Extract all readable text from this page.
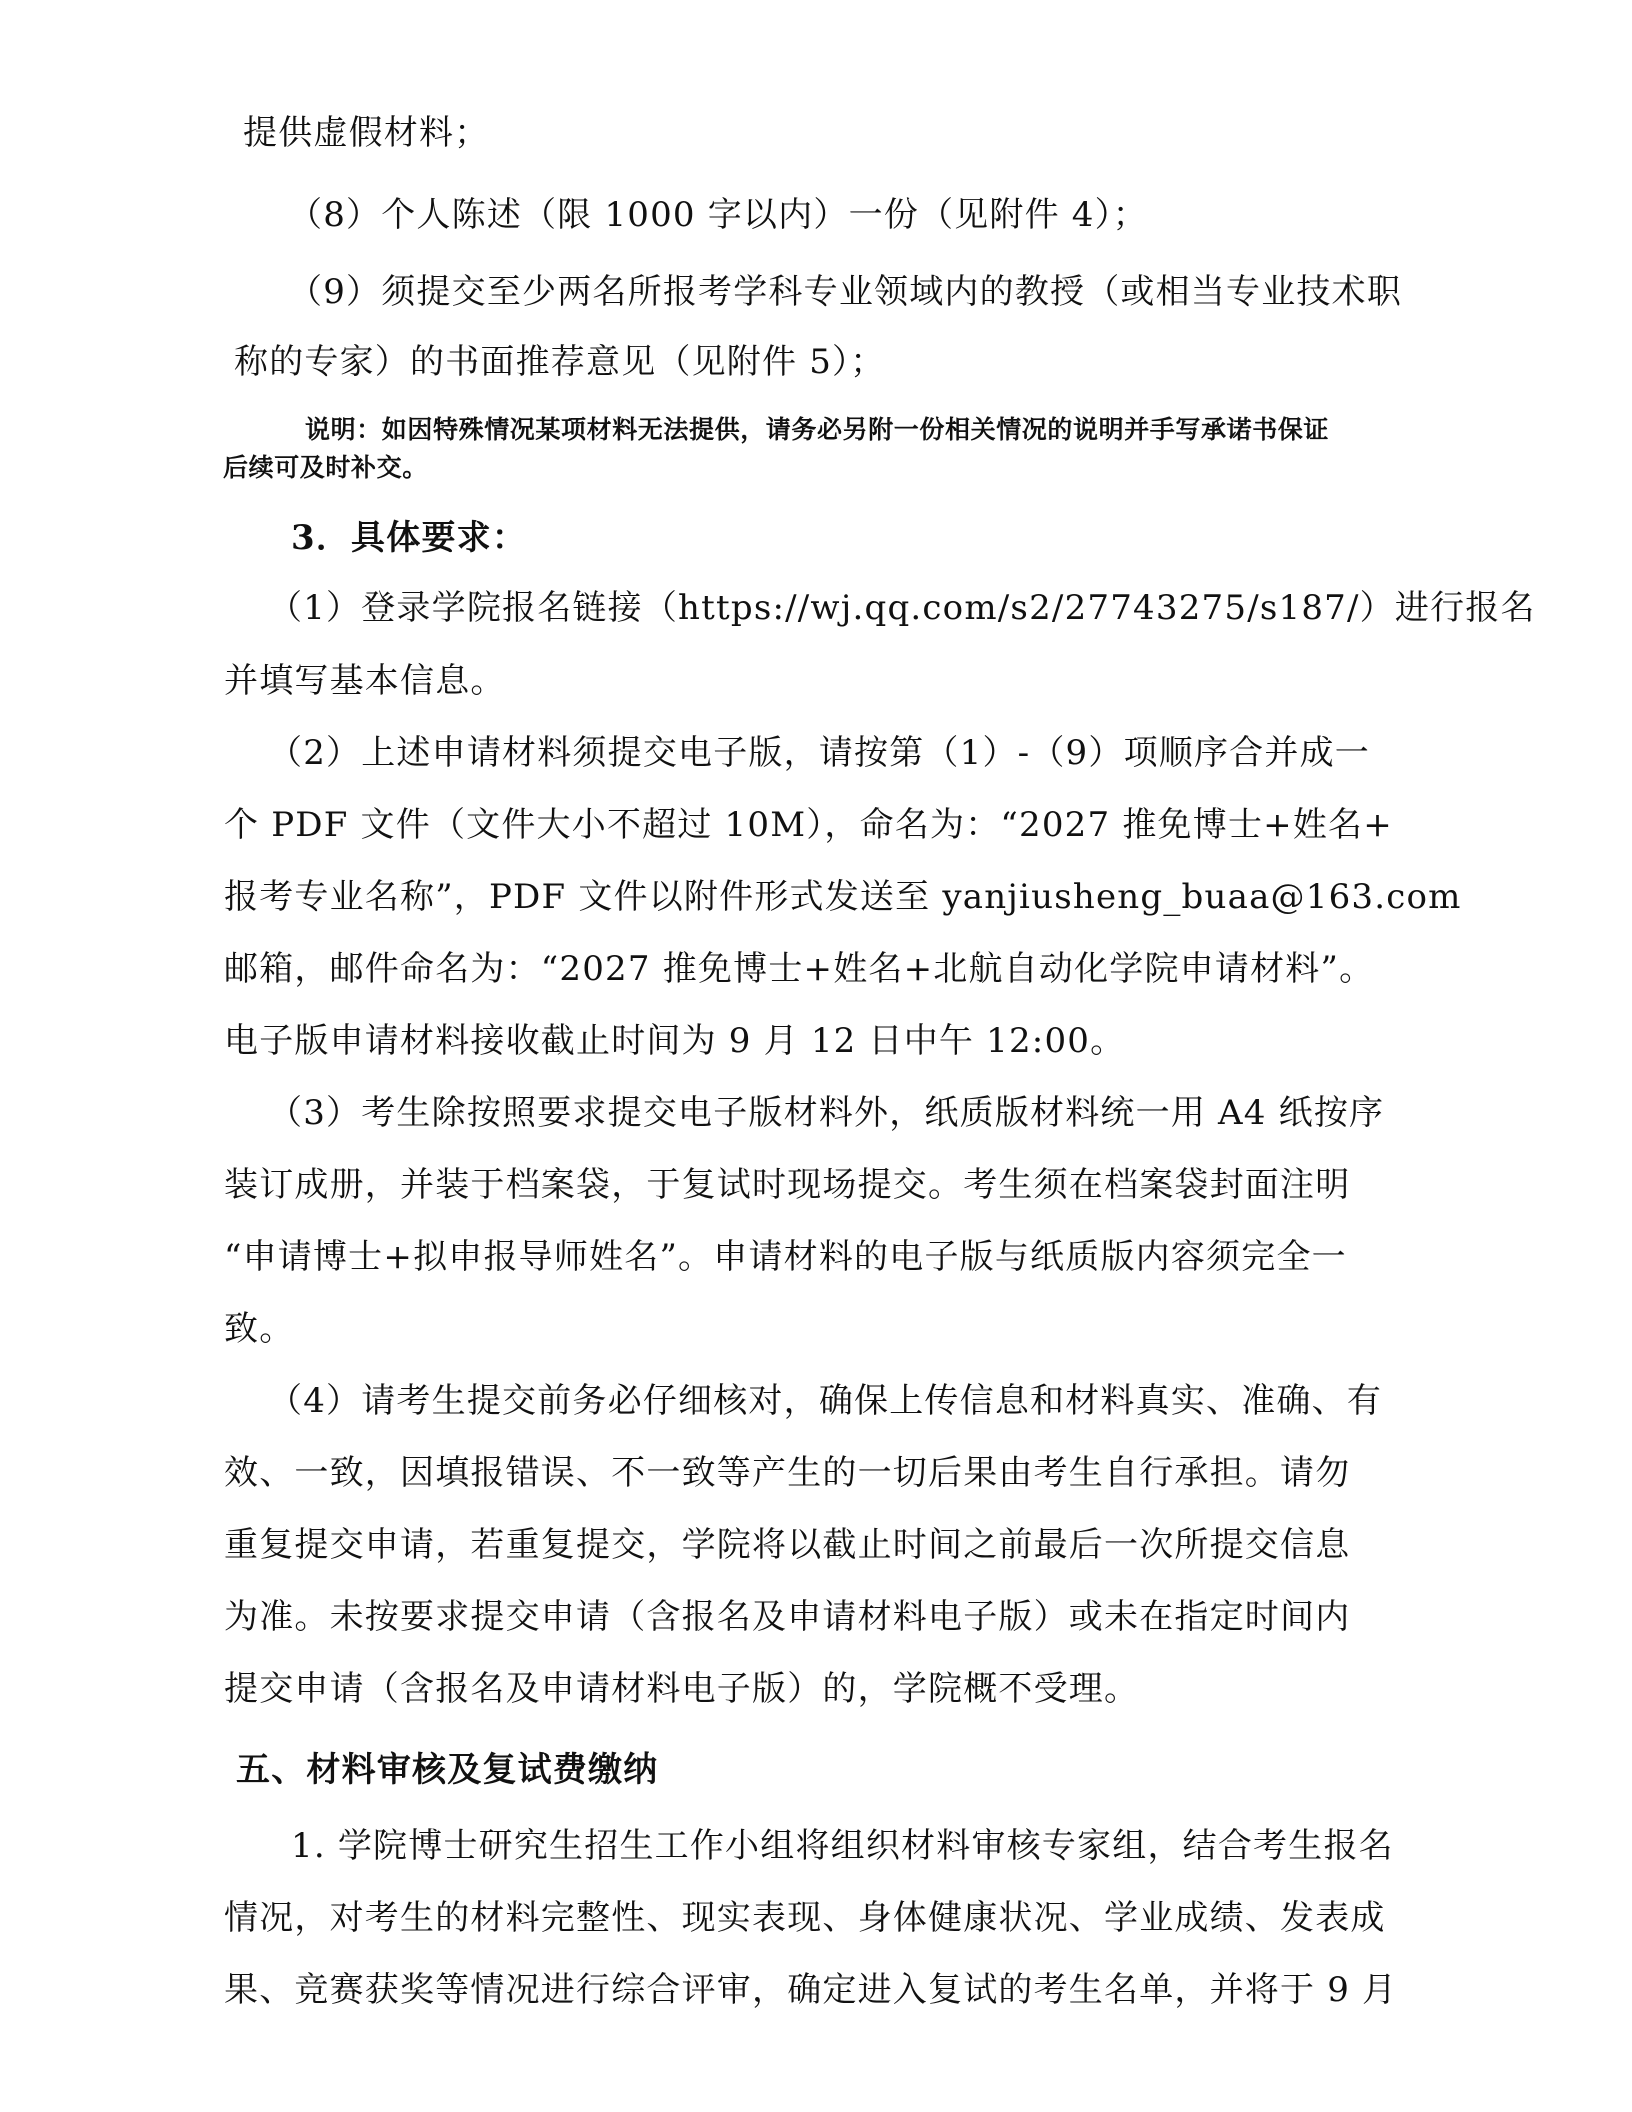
提供虚假材料；
（8）个人陈述（限 1000 字以内）一份（见附件 4）；
（9）须提交至少两名所报考学科专业领域内的教授（或相当专业技术职
称的专家）的书面推荐意见（见附件 5）；
说明：如因特殊情况某项材料无法提供，请务必另附一份相关情况的说明并手写承诺书保证
后续可及时补交。
3．具体要求：
（1）登录学院报名链接（https://wj.qq.com/s2/27743275/s187/）进行报名
并填写基本信息。
（2）上述申请材料须提交电子版，请按第（1）-（9）项顺序合并成一
个 PDF 文件（文件大小不超过 10M），命名为：“2027 推免博士+姓名+
报考专业名称”，PDF 文件以附件形式发送至 yanjiusheng_buaa@163.com
邮箱，邮件命名为：“2027 推免博士+姓名+北航自动化学院申请材料”。
电子版申请材料接收截止时间为 9 月 12 日中午 12:00。
（3）考生除按照要求提交电子版材料外，纸质版材料统一用 A4 纸按序
装订成册，并装于档案袋，于复试时现场提交。考生须在档案袋封面注明
“申请博士+拟申报导师姓名”。申请材料的电子版与纸质版内容须完全一
致。
（4）请考生提交前务必仔细核对，确保上传信息和材料真实、准确、有
效、一致，因填报错误、不一致等产生的一切后果由考生自行承担。请勿
重复提交申请，若重复提交，学院将以截止时间之前最后一次所提交信息
为准。未按要求提交申请（含报名及申请材料电子版）或未在指定时间内
提交申请（含报名及申请材料电子版）的，学院概不受理。
五、材料审核及复试费缴纳
1. 学院博士研究生招生工作小组将组织材料审核专家组，结合考生报名
情况，对考生的材料完整性、现实表现、身体健康状况、学业成绩、发表成
果、竞赛获奖等情况进行综合评审，确定进入复试的考生名单，并将于 9 月
